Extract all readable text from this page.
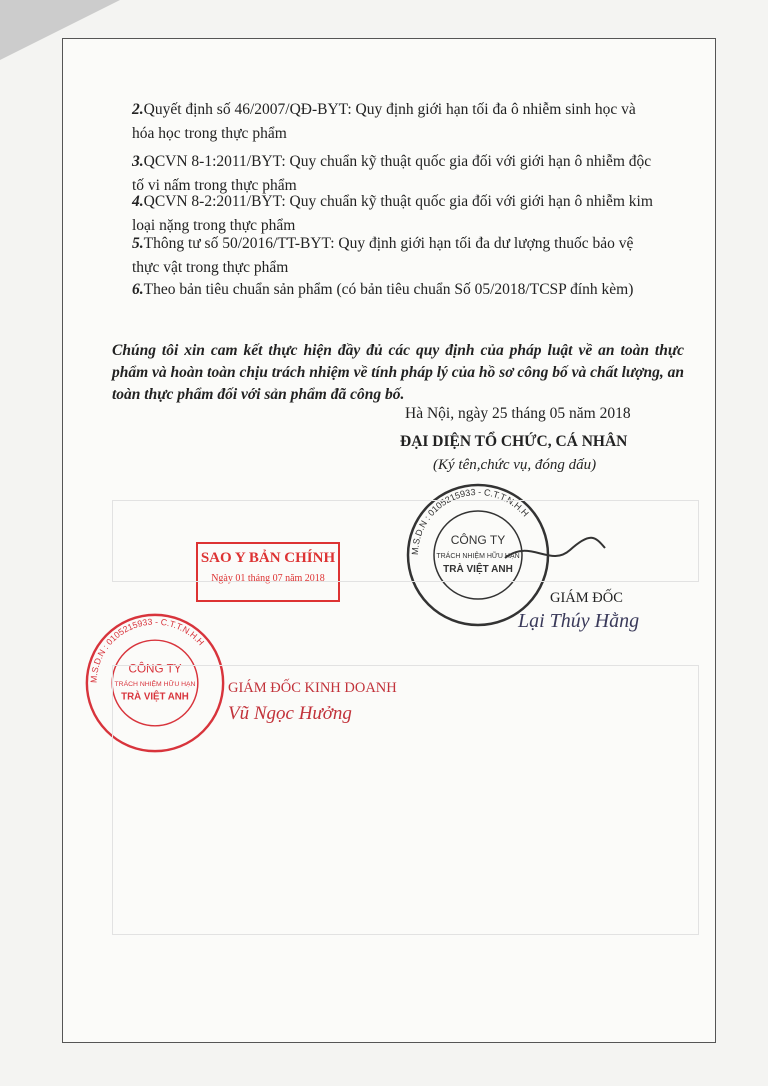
2.Quyết định số 46/2007/QĐ-BYT: Quy định giới hạn tối đa ô nhiễm sinh học và
hóa học trong thực phẩm
3.QCVN 8-1:2011/BYT: Quy chuẩn kỹ thuật quốc gia đối với giới hạn ô nhiễm độc
tố vi nấm trong thực phẩm
4.QCVN 8-2:2011/BYT: Quy chuẩn kỹ thuật quốc gia đối với giới hạn ô nhiễm kim
loại nặng trong thực phẩm
5.Thông tư số 50/2016/TT-BYT: Quy định giới hạn tối đa dư lượng thuốc bảo vệ
thực vật trong thực phẩm
6.Theo bản tiêu chuẩn sản phẩm (có bản tiêu chuẩn Số 05/2018/TCSP đính kèm)
Chúng tôi xin cam kết thực hiện đầy đủ các quy định của pháp luật về an toàn thực phẩm và hoàn toàn chịu trách nhiệm về tính pháp lý của hồ sơ công bố và chất lượng, an toàn thực phẩm đối với sản phẩm đã công bố.
Hà Nội, ngày 25 tháng 05 năm 2018
ĐẠI DIỆN TỔ CHỨC, CÁ NHÂN
(Ký tên,chức vụ, đóng dấu)
M.S.D.N : 0105215933 - C.T.T.N.H.H
CÔNG TY
TRÁCH NHIỆM HỮU HẠN
TRÀ VIỆT ANH
GIÁM ĐỐC
Lại Thúy Hằng
SAO Y BẢN CHÍNH
Ngày 01 tháng 07 năm 2018
M.S.D.N : 0105215933 - C.T.T.N.H.H
CÔNG TY
TRÁCH NHIỆM HỮU HẠN
TRÀ VIỆT ANH
GIÁM ĐỐC KINH DOANH
Vũ Ngọc Hưởng
